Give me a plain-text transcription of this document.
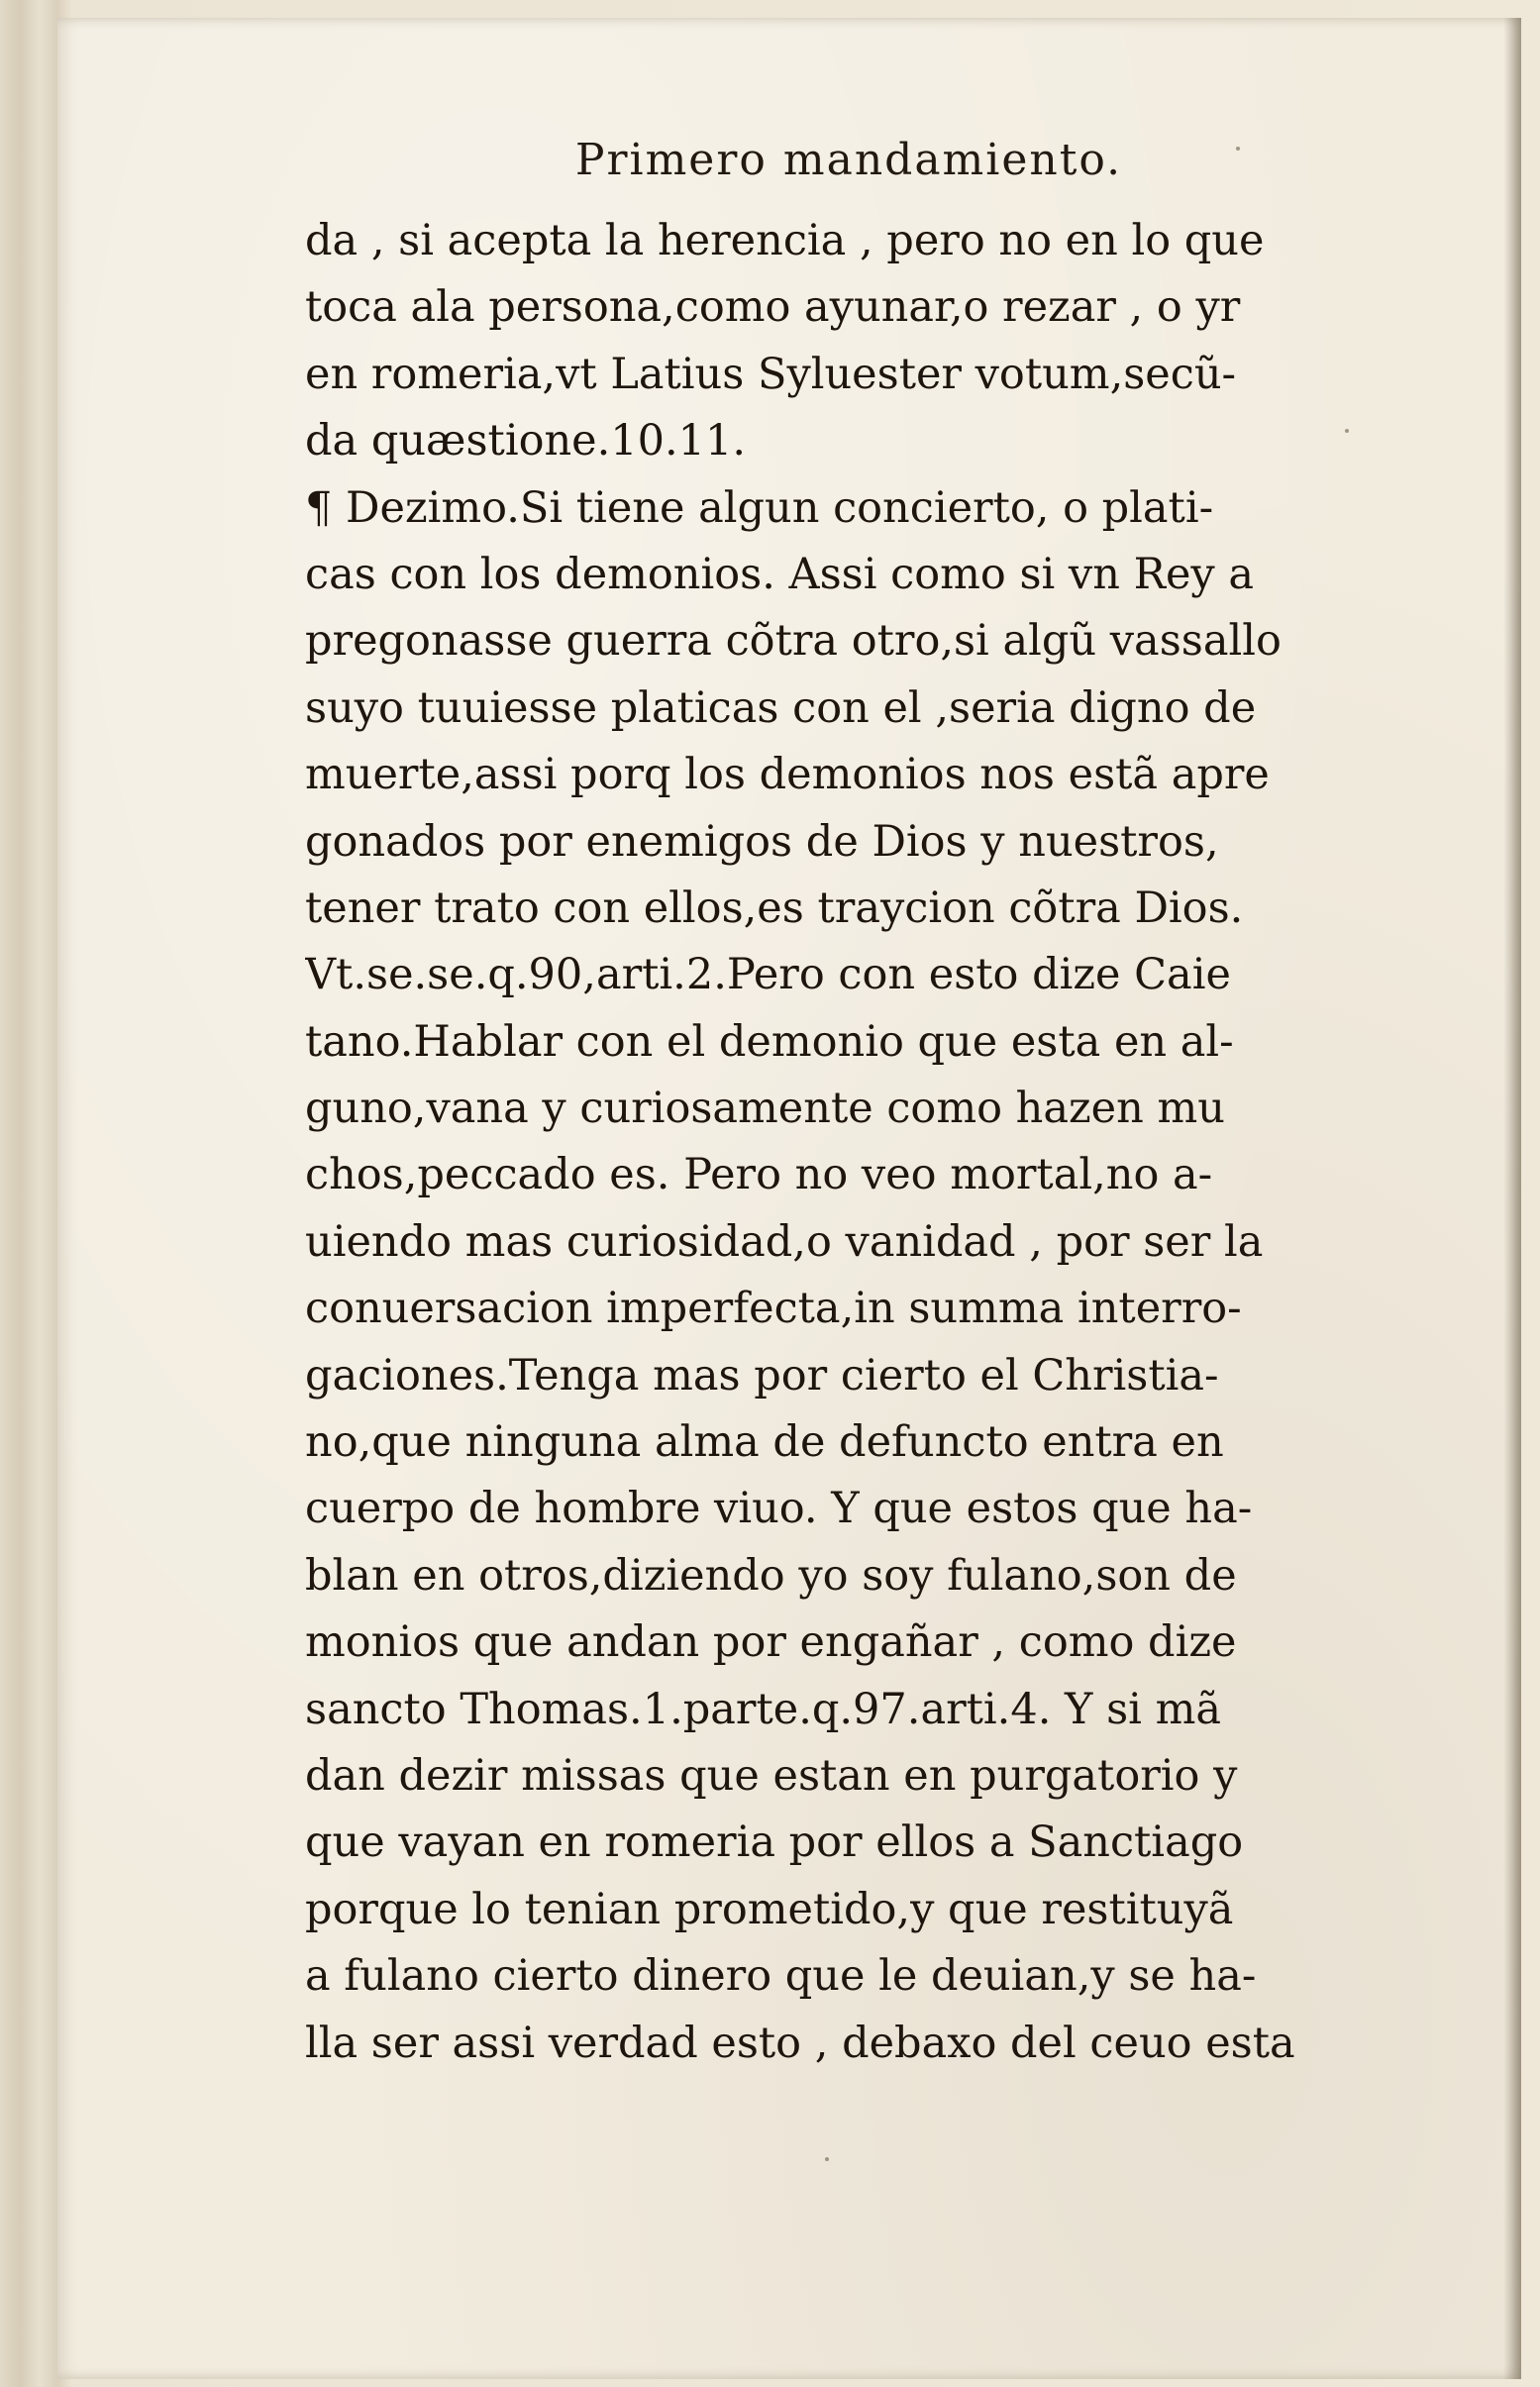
Primero mandamiento.
da , si acepta la herencia , pero no en lo que
toca ala persona,como ayunar,o rezar , o yr
en romeria,vt Latius Syluester votum,secũ-
da quæstione.10.11.
¶ Dezimo.Si tiene algun concierto, o plati-
cas con los demonios. Assi como si vn Rey a
pregonasse guerra cõtra otro,si algũ vassallo
suyo tuuiesse platicas con el ,seria digno de
muerte,assi porq los demonios nos estã apre
gonados por enemigos de Dios y nuestros,
tener trato con ellos,es traycion cõtra Dios.
Vt.se.se.q.90,arti.2.Pero con esto dize Caie
tano.Hablar con el demonio que esta en al-
guno,vana y curiosamente como hazen mu
chos,peccado es. Pero no veo mortal,no a-
uiendo mas curiosidad,o vanidad , por ser la
conuersacion imperfecta,in summa interro-
gaciones.Tenga mas por cierto el Christia-
no,que ninguna alma de defuncto entra en
cuerpo de hombre viuo. Y que estos que ha-
blan en otros,diziendo yo soy fulano,son de
monios que andan por engañar , como dize
sancto Thomas.1.parte.q.97.arti.4. Y si mã
dan dezir missas que estan en purgatorio y
que vayan en romeria por ellos a Sanctiago
porque lo tenian prometido,y que restituyã
a fulano cierto dinero que le deuian,y se ha-
lla ser assi verdad esto , debaxo del ceuo esta
